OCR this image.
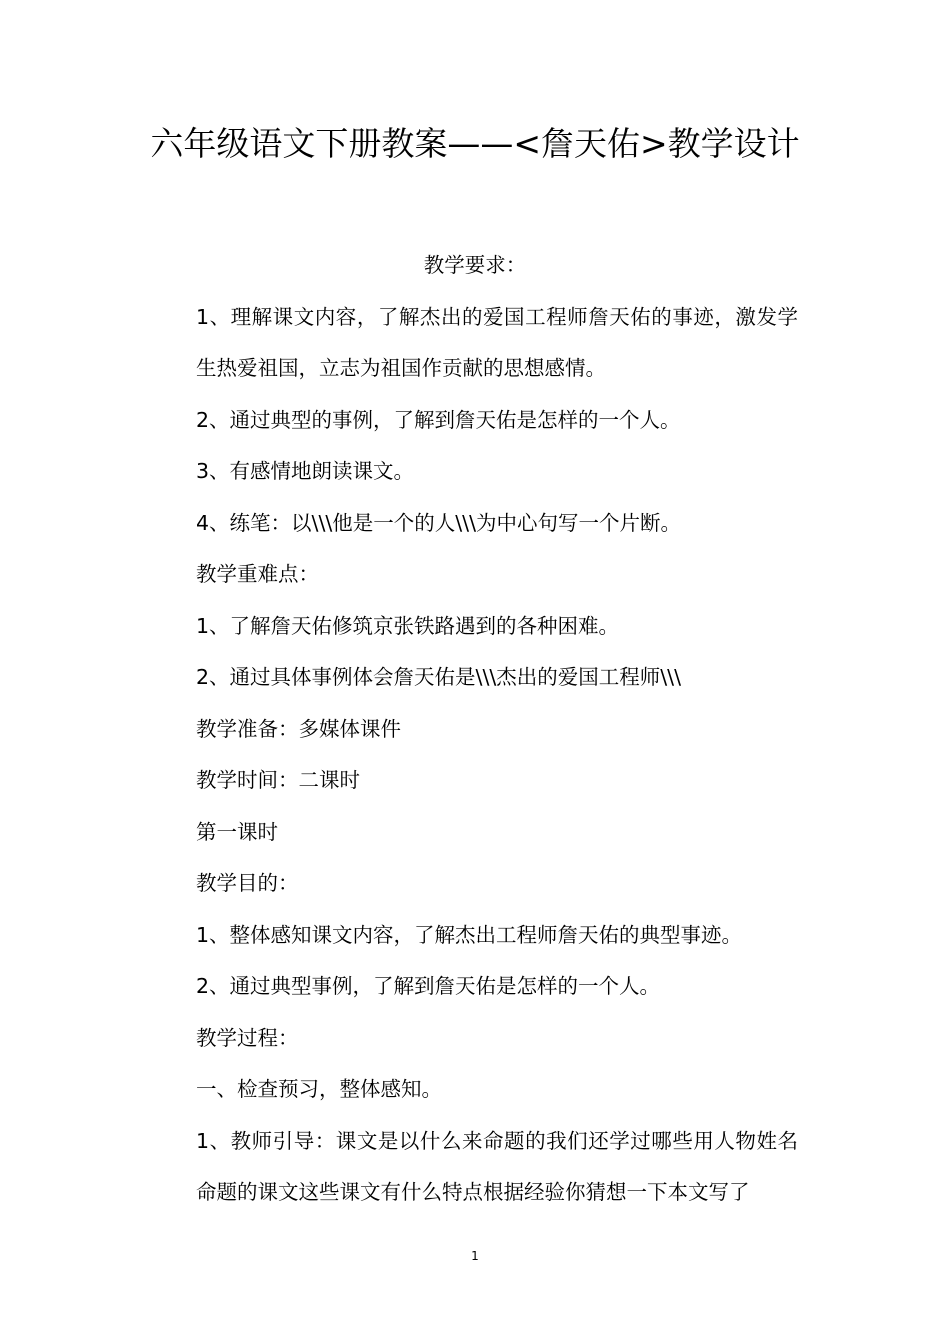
六年级语文下册教案——<詹天佑>教学设计

教学要求：

1、理解课文内容，了解杰出的爱国工程师詹天佑的事迹，激发学生热爱祖国，立志为祖国作贡献的思想感情。

2、通过典型的事例，了解到詹天佑是怎样的一个人。

3、有感情地朗读课文。

4、练笔：以\\\他是一个的人\\\为中心句写一个片断。

教学重难点：

1、了解詹天佑修筑京张铁路遇到的各种困难。

2、通过具体事例体会詹天佑是\\\杰出的爱国工程师\\\

教学准备：多媒体课件

教学时间：二课时

第一课时

教学目的：

1、整体感知课文内容，了解杰出工程师詹天佑的典型事迹。

2、通过典型事例，了解到詹天佑是怎样的一个人。

教学过程：

一、检查预习，整体感知。

1、教师引导：课文是以什么来命题的我们还学过哪些用人物姓名命题的课文这些课文有什么特点根据经验你猜想一下本文写了

1
